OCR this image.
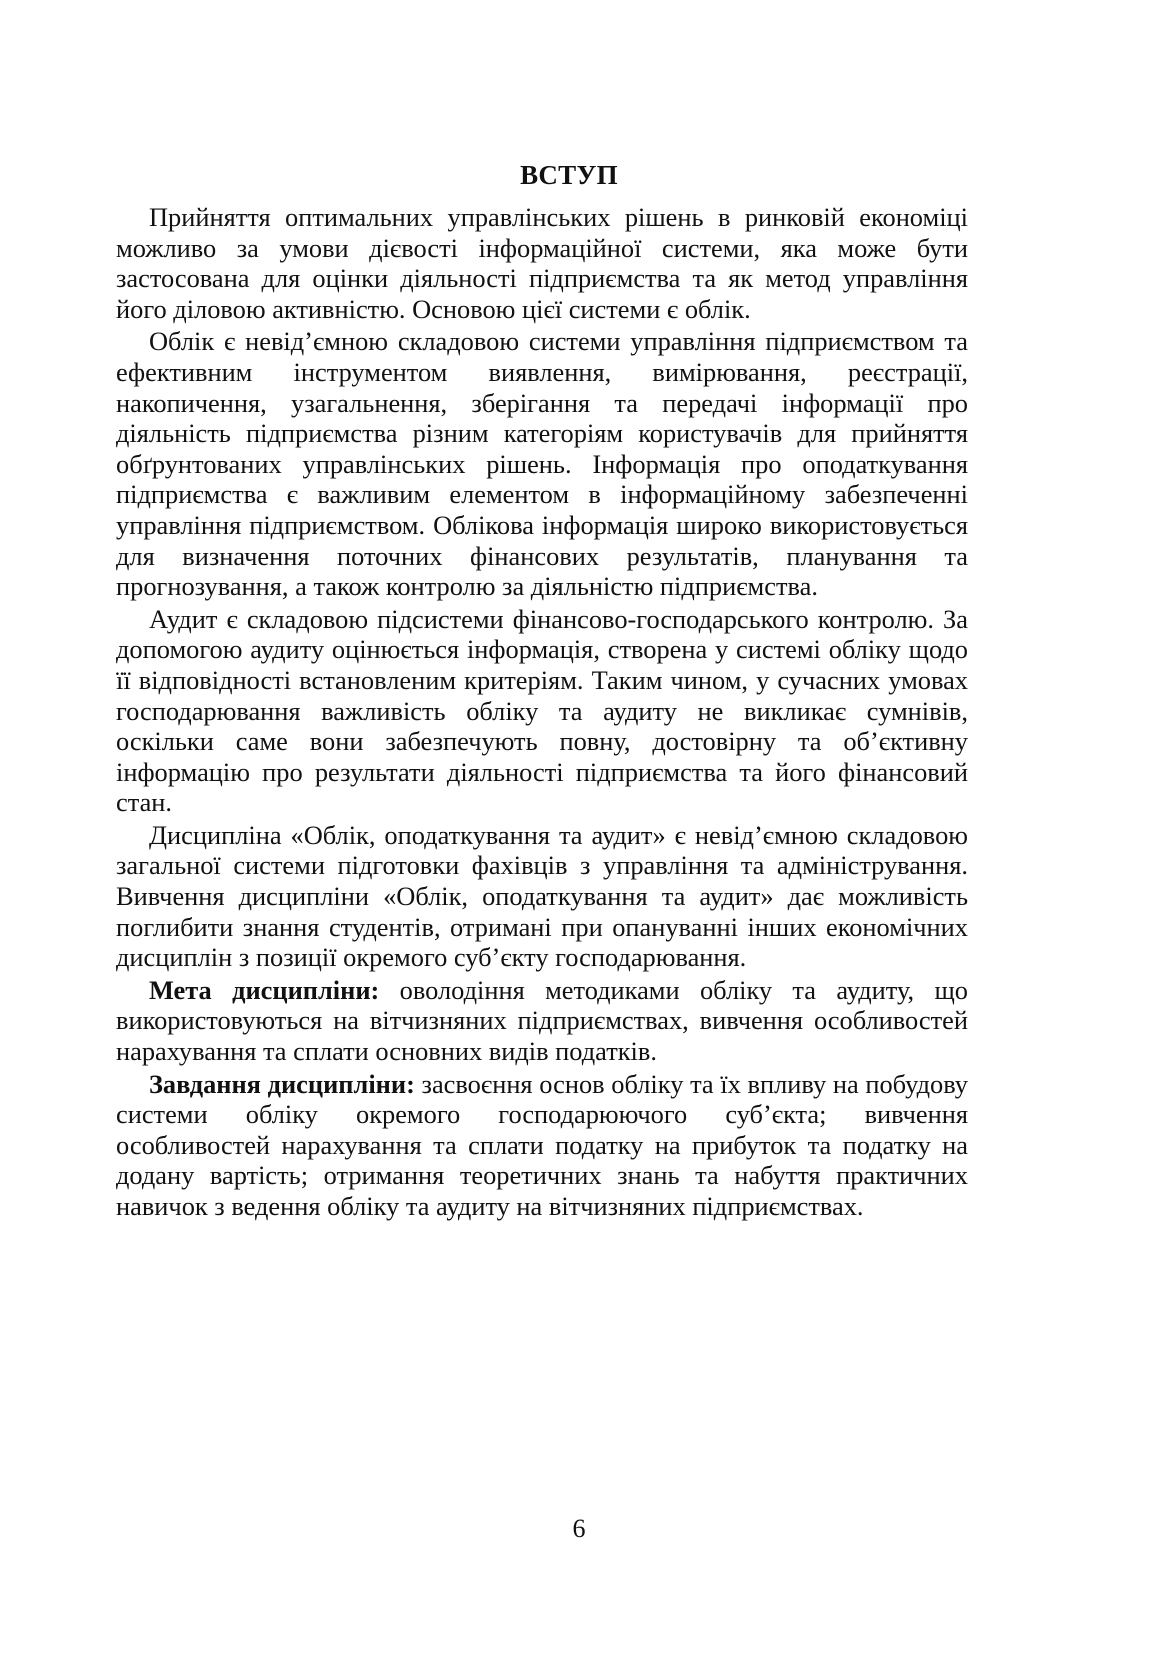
ВСТУП

Прийняття оптимальних управлінських рішень в ринковій економіці можливо за умови дієвості інформаційної системи, яка може бути застосована для оцінки діяльності підприємства та як метод управління його діловою активністю. Основою цієї системи є облік.

Облік є невід’ємною складовою системи управління підприємством та ефективним інструментом виявлення, вимірювання, реєстрації, накопичення, узагальнення, зберігання та передачі інформації про діяльність підприємства різним категоріям користувачів для прийняття обґрунтованих управлінських рішень. Інформація про оподаткування підприємства є важливим елементом в інформаційному забезпеченні управління підприємством. Облікова інформація широко використовується для визначення поточних фінансових результатів, планування та прогнозування, а також контролю за діяльністю підприємства.

Аудит є складовою підсистеми фінансово-господарського контролю. За допомогою аудиту оцінюється інформація, створена у системі обліку щодо її відповідності встановленим критеріям. Таким чином, у сучасних умовах господарювання важливість обліку та аудиту не викликає сумнівів, оскільки саме вони забезпечують повну, достовірну та об’єктивну інформацію про результати діяльності підприємства та його фінансовий стан.

Дисципліна «Облік, оподаткування та аудит» є невід’ємною складовою загальної системи підготовки фахівців з управління та адміністрування. Вивчення дисципліни «Облік, оподаткування та аудит» дає можливість поглибити знання студентів, отримані при опануванні інших економічних дисциплін з позиції окремого суб’єкту господарювання.

Мета дисципліни: оволодіння методиками обліку та аудиту, що використовуються на вітчизняних підприємствах, вивчення особливостей нарахування та сплати основних видів податків.

Завдання дисципліни: засвоєння основ обліку та їх впливу на побудову системи обліку окремого господарюючого суб’єкта; вивчення особливостей нарахування та сплати податку на прибуток та податку на додану вартість; отримання теоретичних знань та набуття практичних навичок з ведення обліку та аудиту на вітчизняних підприємствах.

6
